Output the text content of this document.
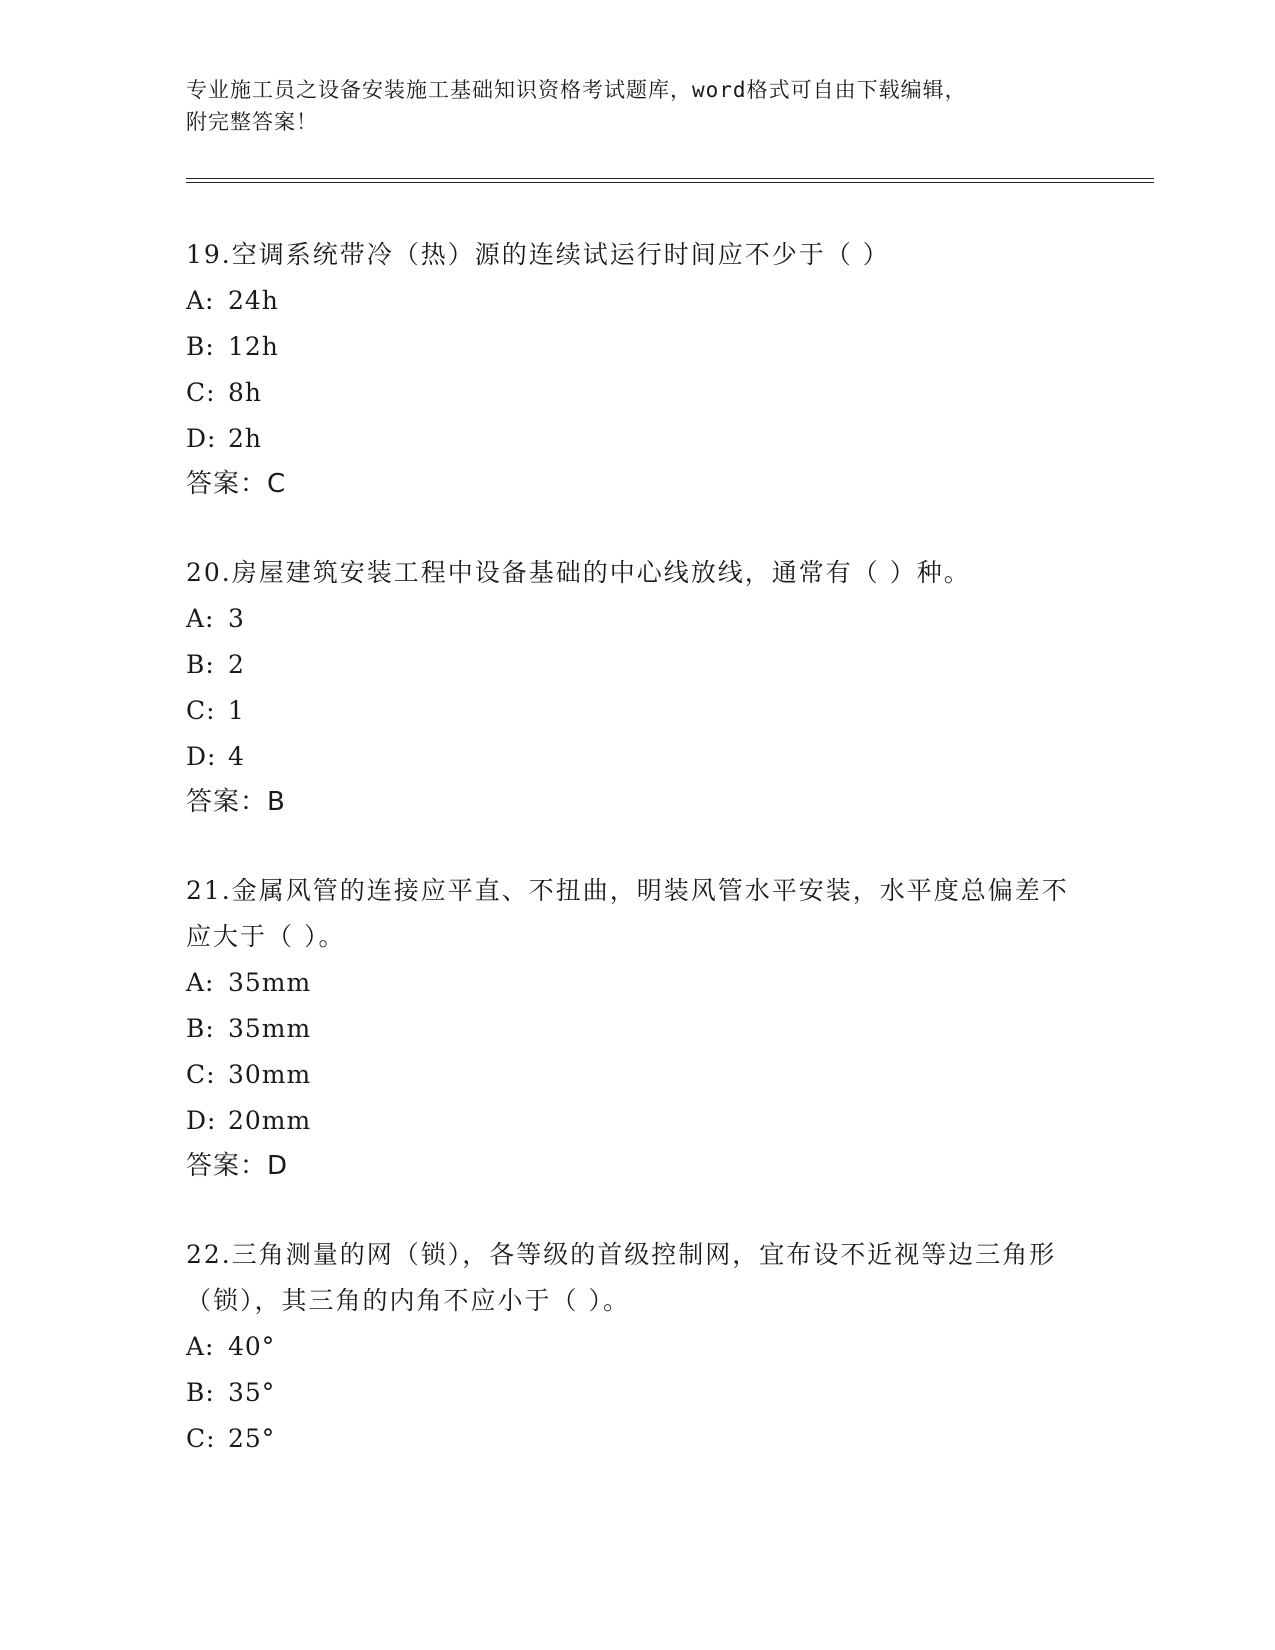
专业施工员之设备安装施工基础知识资格考试题库，word格式可自由下载编辑，
附完整答案！
19.空调系统带冷（热）源的连续试运行时间应不少于（ ）
A: 24h
B: 12h
C: 8h
D: 2h
答案：C
20.房屋建筑安装工程中设备基础的中心线放线，通常有（ ）种。
A: 3
B: 2
C: 1
D: 4
答案：B
21.金属风管的连接应平直、不扭曲，明装风管水平安装，水平度总偏差不应大于（ ）。
A: 35mm
B: 35mm
C: 30mm
D: 20mm
答案：D
22.三角测量的网（锁），各等级的首级控制网，宜布设不近视等边三角形（锁），其三角的内角不应小于（ ）。
A: 40°
B: 35°
C: 25°
